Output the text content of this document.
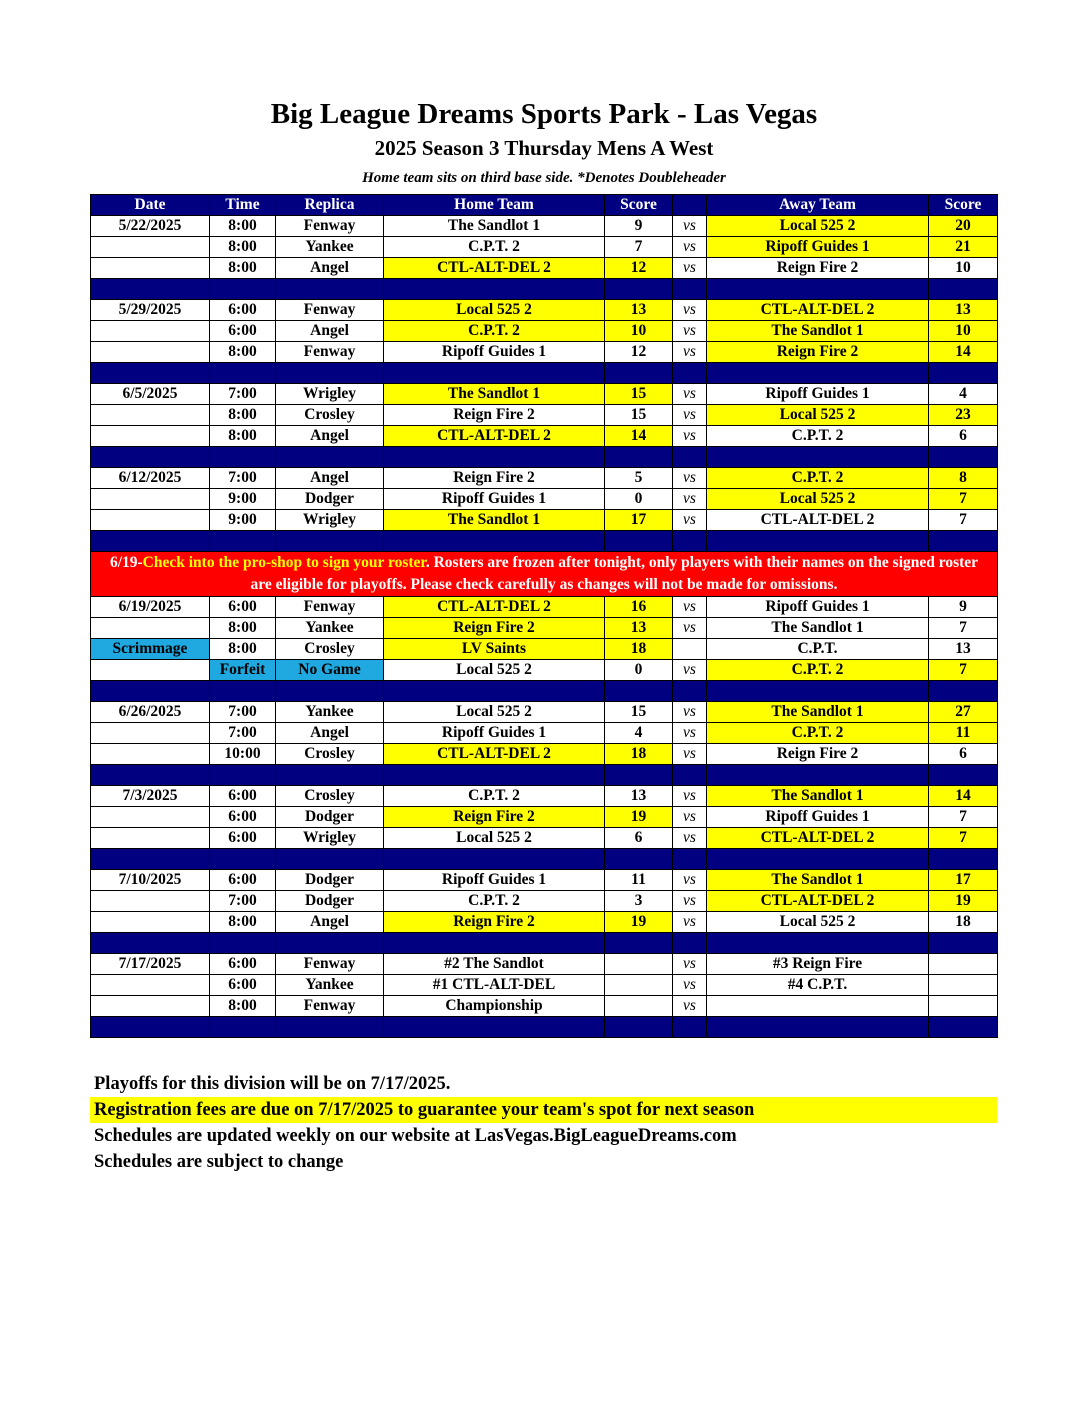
Big League Dreams Sports Park - Las Vegas
2025 Season 3 Thursday Mens A West
Home team sits on third base side. *Denotes Doubleheader
Date	Time	Replica	Home Team	Score		Away Team	Score
5/22/2025	8:00	Fenway	The Sandlot 1	9	vs	Local 525 2	20
	8:00	Yankee	C.P.T. 2	7	vs	Ripoff Guides 1	21
	8:00	Angel	CTL-ALT-DEL 2	12	vs	Reign Fire 2	10

5/29/2025	6:00	Fenway	Local 525 2	13	vs	CTL-ALT-DEL 2	13
	6:00	Angel	C.P.T. 2	10	vs	The Sandlot 1	10
	8:00	Fenway	Ripoff Guides 1	12	vs	Reign Fire 2	14

6/5/2025	7:00	Wrigley	The Sandlot 1	15	vs	Ripoff Guides 1	4
	8:00	Crosley	Reign Fire 2	15	vs	Local 525 2	23
	8:00	Angel	CTL-ALT-DEL 2	14	vs	C.P.T. 2	6

6/12/2025	7:00	Angel	Reign Fire 2	5	vs	C.P.T. 2	8
	9:00	Dodger	Ripoff Guides 1	0	vs	Local 525 2	7
	9:00	Wrigley	The Sandlot 1	17	vs	CTL-ALT-DEL 2	7

6/19-Check into the pro-shop to sign your roster. Rosters are frozen after tonight, only players with their names on the signed roster are eligible for playoffs. Please check carefully as changes will not be made for omissions.							
6/19/2025	6:00	Fenway	CTL-ALT-DEL 2	16	vs	Ripoff Guides 1	9
	8:00	Yankee	Reign Fire 2	13	vs	The Sandlot 1	7
Scrimmage	8:00	Crosley	LV Saints	18		C.P.T.	13
	Forfeit	No Game	Local 525 2	0	vs	C.P.T. 2	7

6/26/2025	7:00	Yankee	Local 525 2	15	vs	The Sandlot 1	27
	7:00	Angel	Ripoff Guides 1	4	vs	C.P.T. 2	11
	10:00	Crosley	CTL-ALT-DEL 2	18	vs	Reign Fire 2	6

7/3/2025	6:00	Crosley	C.P.T. 2	13	vs	The Sandlot 1	14
	6:00	Dodger	Reign Fire 2	19	vs	Ripoff Guides 1	7
	6:00	Wrigley	Local 525 2	6	vs	CTL-ALT-DEL 2	7

7/10/2025	6:00	Dodger	Ripoff Guides 1	11	vs	The Sandlot 1	17
	7:00	Dodger	C.P.T. 2	3	vs	CTL-ALT-DEL 2	19
	8:00	Angel	Reign Fire 2	19	vs	Local 525 2	18

7/17/2025	6:00	Fenway	#2 The Sandlot		vs	#3 Reign Fire	
	6:00	Yankee	#1 CTL-ALT-DEL		vs	#4 C.P.T.	
	8:00	Fenway	Championship		vs		

Playoffs for this division will be on 7/17/2025.
Registration fees are due on 7/17/2025 to guarantee your team's spot for next season
Schedules are updated weekly on our website at LasVegas.BigLeagueDreams.com
Schedules are subject to change
